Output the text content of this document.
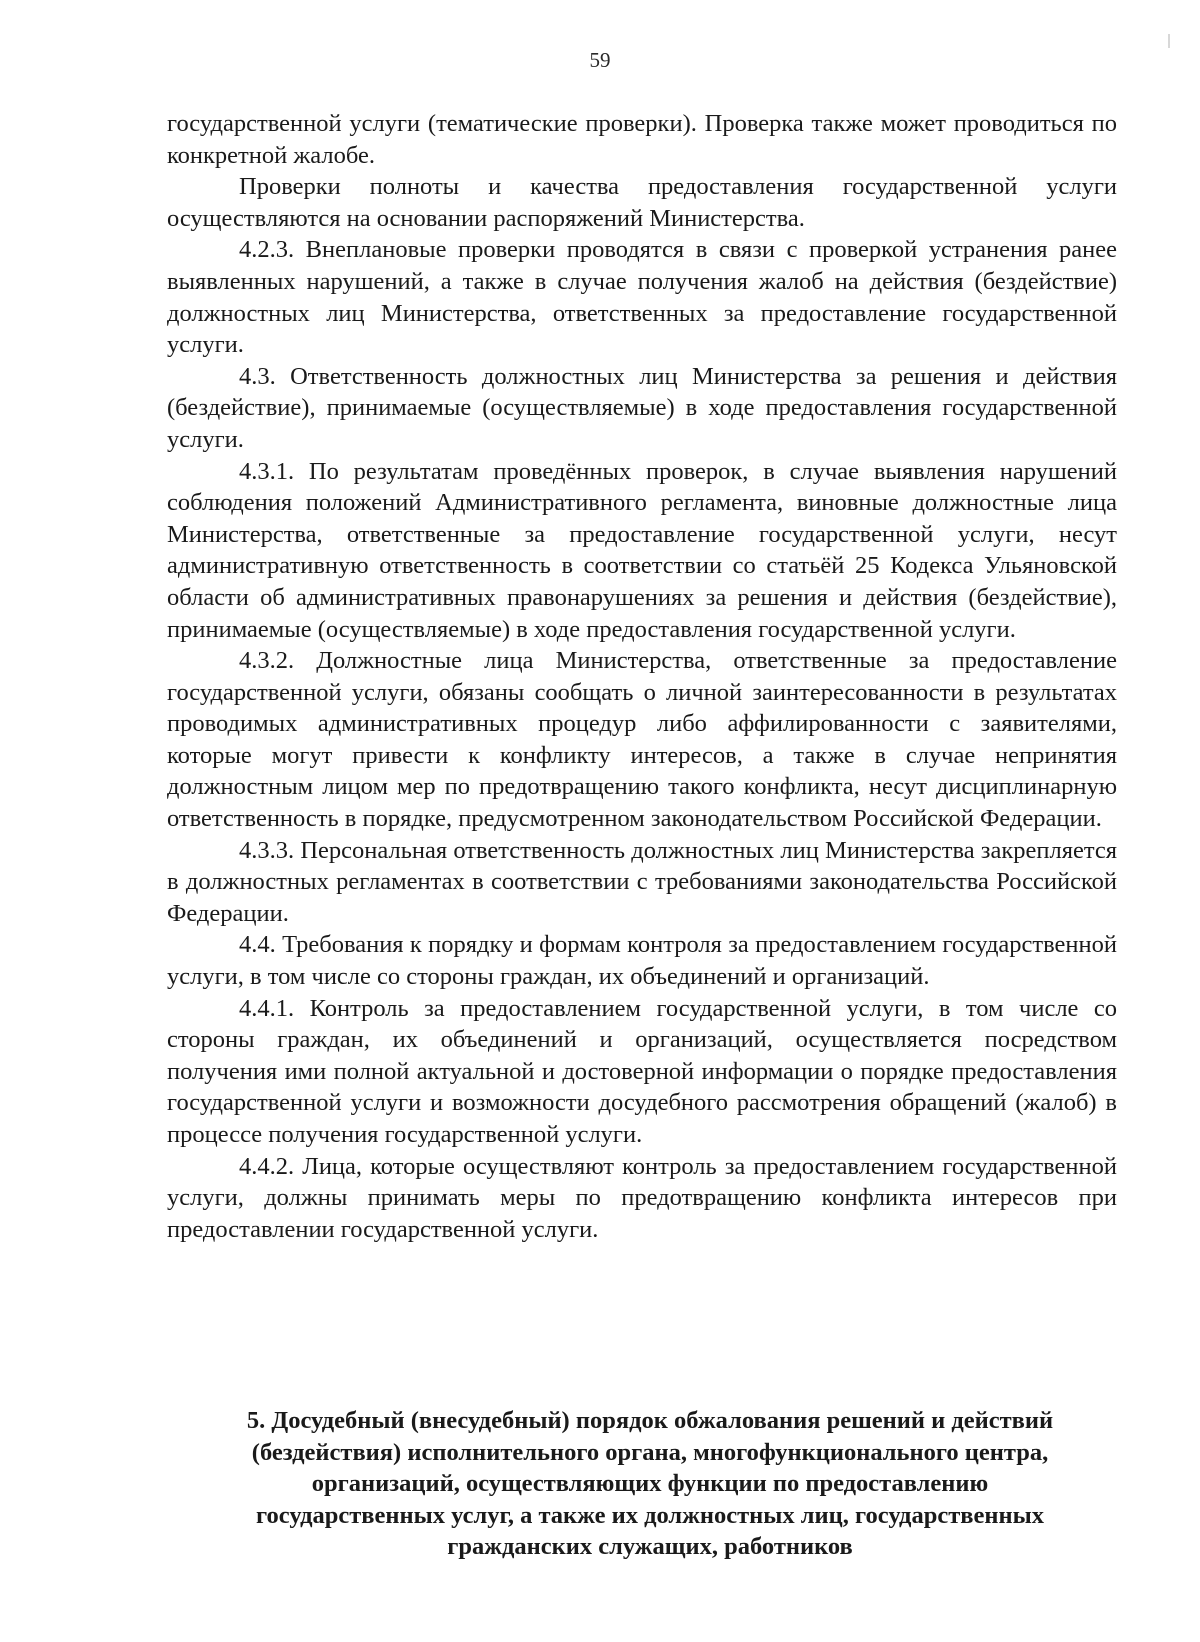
59

государственной услуги (тематические проверки). Проверка также может проводиться по конкретной жалобе.

Проверки полноты и качества предоставления государственной услуги осуществляются на основании распоряжений Министерства.

4.2.3. Внеплановые проверки проводятся в связи с проверкой устранения ранее выявленных нарушений, а также в случае получения жалоб на действия (бездействие) должностных лиц Министерства, ответственных за предоставление государственной услуги.

4.3. Ответственность должностных лиц Министерства за решения и действия (бездействие), принимаемые (осуществляемые) в ходе предоставления государственной услуги.

4.3.1. По результатам проведённых проверок, в случае выявления нарушений соблюдения положений Административного регламента, виновные должностные лица Министерства, ответственные за предоставление государственной услуги, несут административную ответственность в соответствии со статьёй 25 Кодекса Ульяновской области об административных правонарушениях за решения и действия (бездействие), принимаемые (осуществляемые) в ходе предоставления государственной услуги.

4.3.2. Должностные лица Министерства, ответственные за предоставление государственной услуги, обязаны сообщать о личной заинтересованности в результатах проводимых административных процедур либо аффилированности с заявителями, которые могут привести к конфликту интересов, а также в случае непринятия должностным лицом мер по предотвращению такого конфликта, несут дисциплинарную ответственность в порядке, предусмотренном законодательством Российской Федерации.

4.3.3. Персональная ответственность должностных лиц Министерства закрепляется в должностных регламентах в соответствии с требованиями законодательства Российской Федерации.

4.4. Требования к порядку и формам контроля за предоставлением государственной услуги, в том числе со стороны граждан, их объединений и организаций.

4.4.1. Контроль за предоставлением государственной услуги, в том числе со стороны граждан, их объединений и организаций, осуществляется посредством получения ими полной актуальной и достоверной информации о порядке предоставления государственной услуги и возможности досудебного рассмотрения обращений (жалоб) в процессе получения государственной услуги.

4.4.2. Лица, которые осуществляют контроль за предоставлением государственной услуги, должны принимать меры по предотвращению конфликта интересов при предоставлении государственной услуги.

5. Досудебный (внесудебный) порядок обжалования решений и действий

(бездействия) исполнительного органа, многофункционального центра,

организаций, осуществляющих функции по предоставлению

государственных услуг, а также их должностных лиц, государственных

гражданских служащих, работников
